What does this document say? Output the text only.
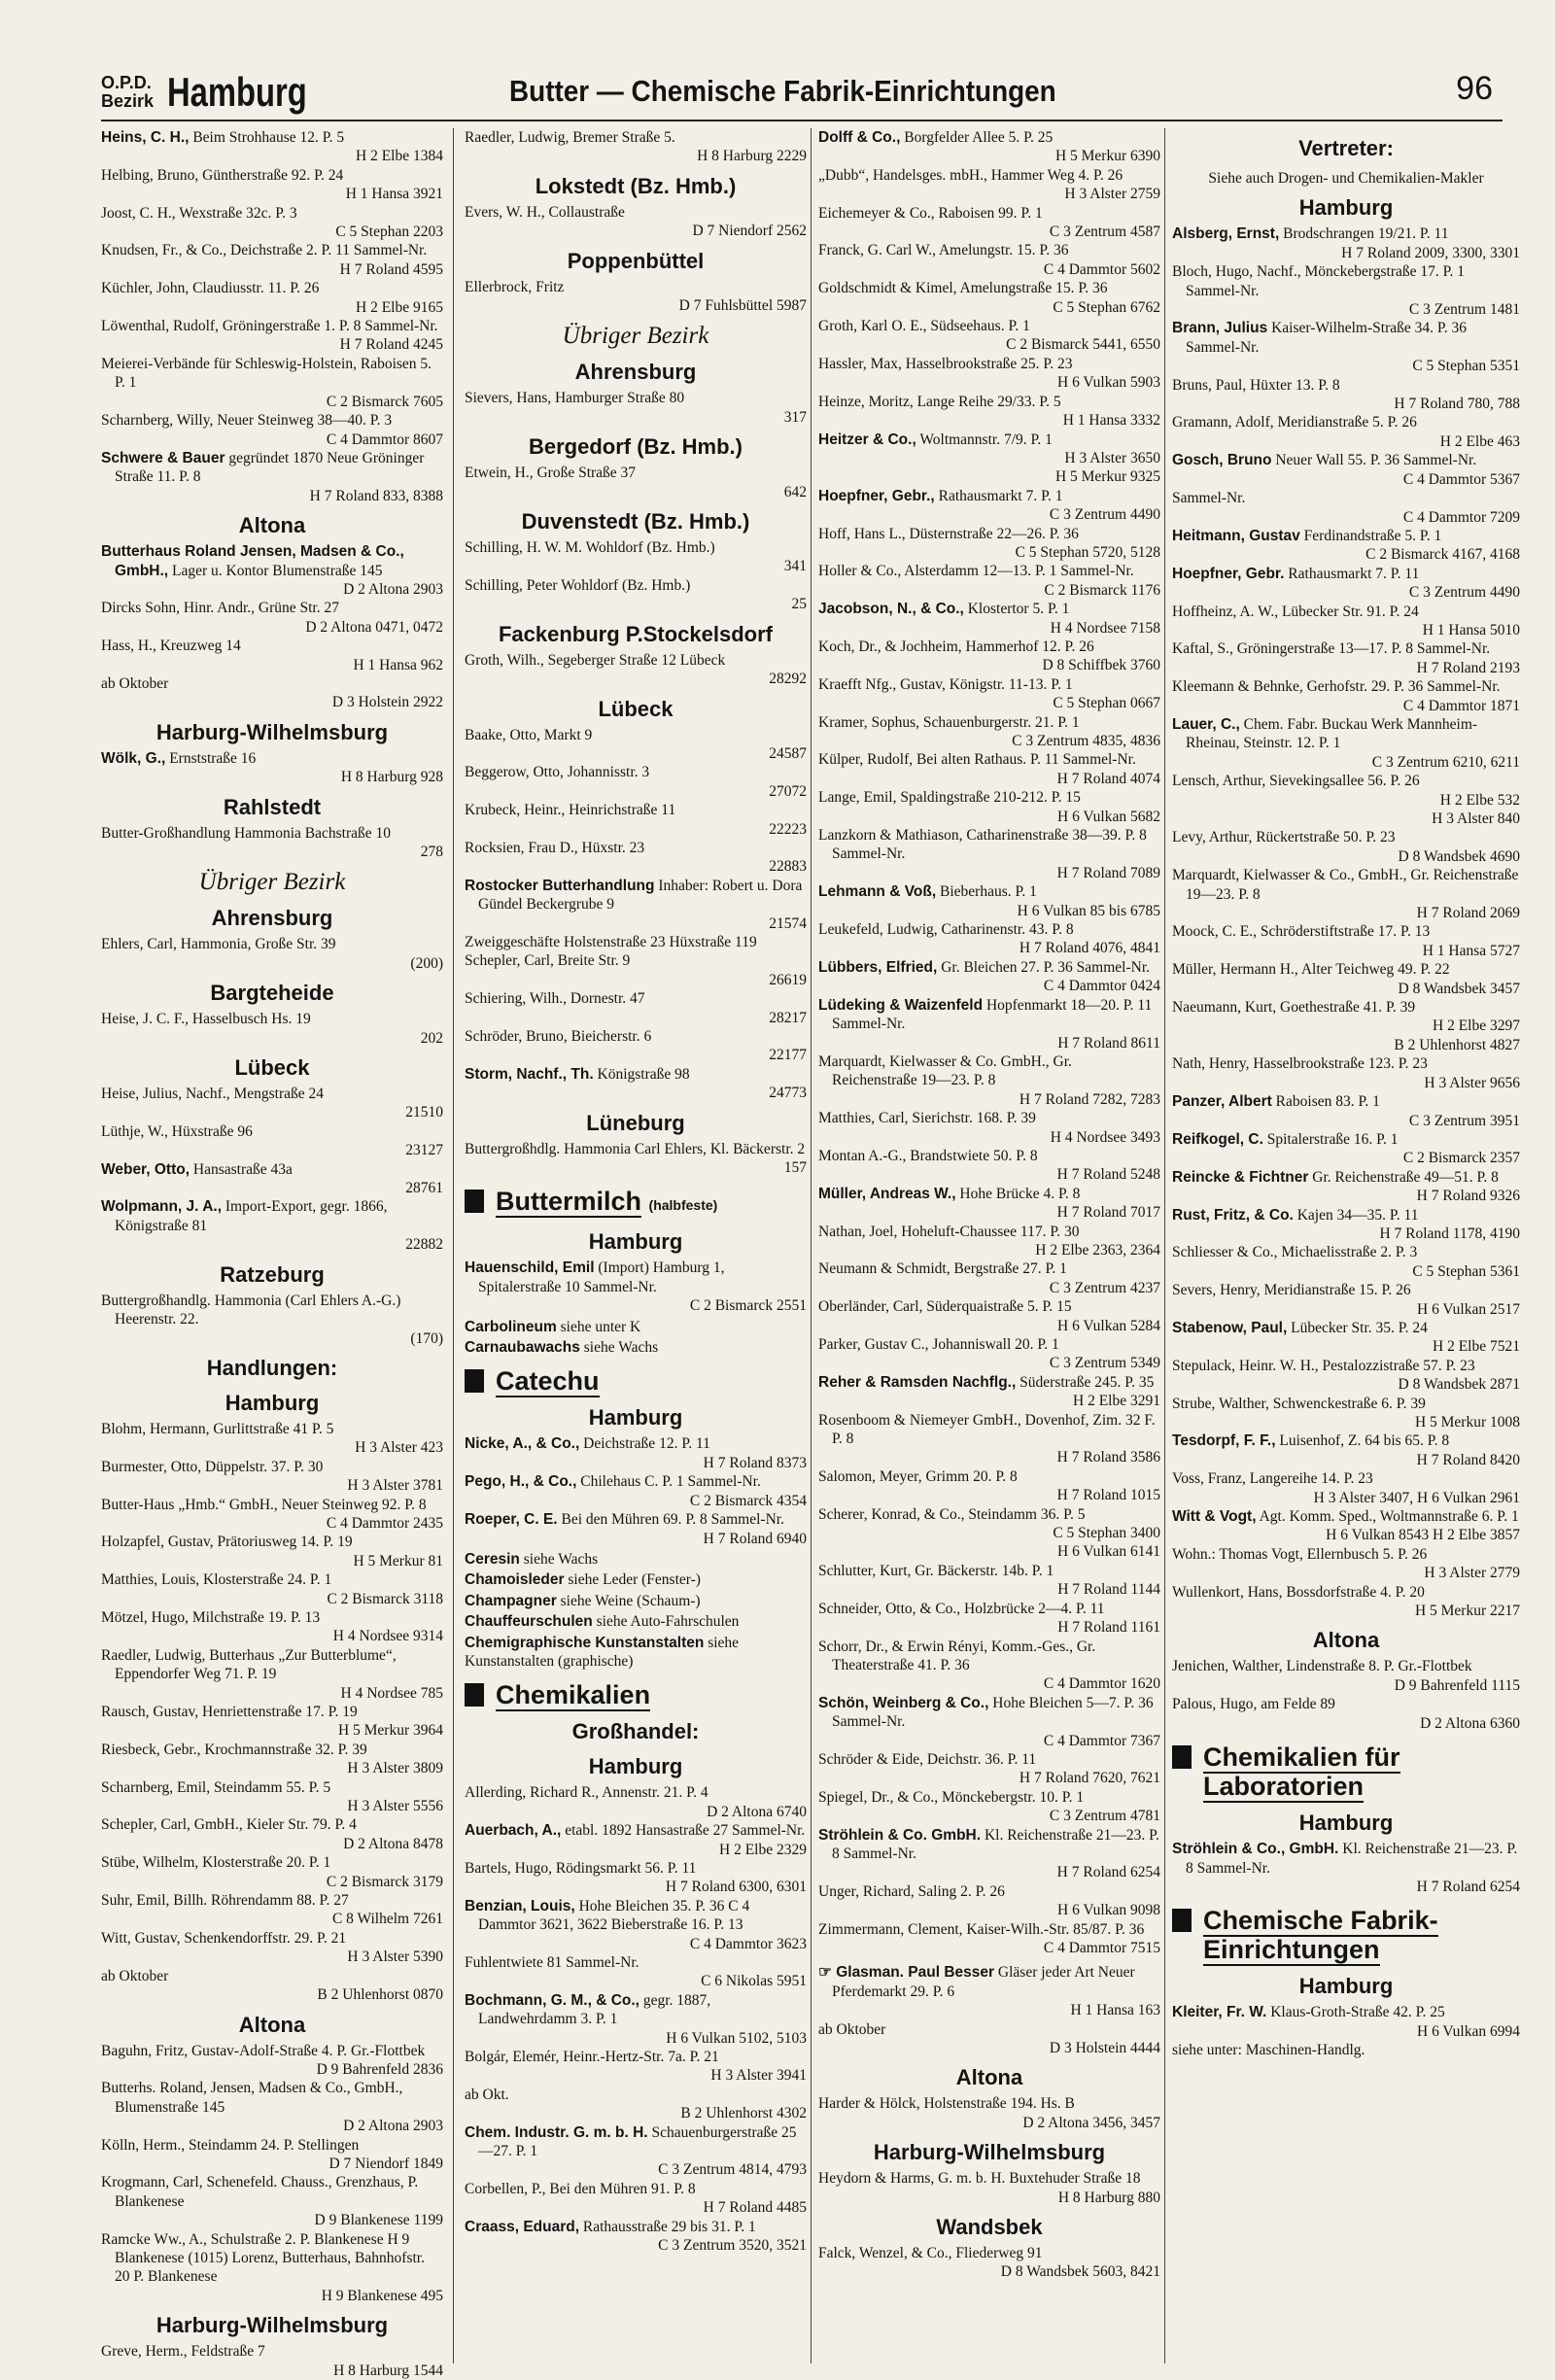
O.P.D.
Bezirk Hamburg	Butter — Chemische Fabrik-Einrichtungen	96
Heins, C. H., Beim Strohhause 12. P. 5
H 2 Elbe 1384
Helbing, Bruno, Güntherstraße 92. P. 24
H 1 Hansa 3921
Joost, C. H., Wexstraße 32c. P. 3
C 5 Stephan 2203
Knudsen, Fr., & Co., Deichstraße 2. P. 11 Sammel-Nr.
H 7 Roland 4595
Küchler, John, Claudiusstr. 11. P. 26
H 2 Elbe 9165
Löwenthal, Rudolf, Gröningerstraße 1. P. 8 Sammel-Nr.
H 7 Roland 4245
Meierei-Verbände für Schleswig-Holstein, Raboisen 5. P. 1
C 2 Bismarck 7605
Scharnberg, Willy, Neuer Steinweg 38—40. P. 3
C 4 Dammtor 8607
Schwere & Bauer gegründet 1870 Neue Gröninger Straße 11. P. 8
H 7 Roland 833, 8388
Altona
Butterhaus Roland Jensen, Madsen & Co., GmbH., Lager u. Kontor Blumenstraße 145
D 2 Altona 2903
Dircks Sohn, Hinr. Andr., Grüne Str. 27
D 2 Altona 0471, 0472
Hass, H., Kreuzweg 14
H 1 Hansa 962
ab Oktober
D 3 Holstein 2922
Harburg-Wilhelmsburg
Wölk, G., Ernststraße 16
H 8 Harburg 928
Rahlstedt
Butter-Großhandlung Hammonia Bachstraße 10
278
Übriger Bezirk
Ahrensburg
Ehlers, Carl, Hammonia, Große Str. 39
(200)
Bargteheide
Heise, J. C. F., Hasselbusch Hs. 19
202
Lübeck
Heise, Julius, Nachf., Mengstraße 24
21510
Lüthje, W., Hüxstraße 96
23127
Weber, Otto, Hansastraße 43a
28761
Wolpmann, J. A., Import-Export, gegr. 1866, Königstraße 81
22882
Ratzeburg
Buttergroßhandlg. Hammonia (Carl Ehlers A.-G.) Heerenstr. 22.
(170)
Handlungen:
Hamburg
Blohm, Hermann, Gurlittstraße 41 P. 5
H 3 Alster 423
Burmester, Otto, Düppelstr. 37. P. 30
H 3 Alster 3781
Butter-Haus „Hmb.“ GmbH., Neuer Steinweg 92. P. 8
C 4 Dammtor 2435
Holzapfel, Gustav, Prätoriusweg 14. P. 19
H 5 Merkur 81
Matthies, Louis, Klosterstraße 24. P. 1
C 2 Bismarck 3118
Mötzel, Hugo, Milchstraße 19. P. 13
H 4 Nordsee 9314
Raedler, Ludwig, Butterhaus „Zur Butterblume“, Eppendorfer Weg 71. P. 19
H 4 Nordsee 785
Rausch, Gustav, Henriettenstraße 17. P. 19
H 5 Merkur 3964
Riesbeck, Gebr., Krochmannstraße 32. P. 39
H 3 Alster 3809
Scharnberg, Emil, Steindamm 55. P. 5
H 3 Alster 5556
Schepler, Carl, GmbH., Kieler Str. 79. P. 4
D 2 Altona 8478
Stübe, Wilhelm, Klosterstraße 20. P. 1
C 2 Bismarck 3179
Suhr, Emil, Billh. Röhrendamm 88. P. 27
C 8 Wilhelm 7261
Witt, Gustav, Schenkendorffstr. 29. P. 21
H 3 Alster 5390
ab Oktober
B 2 Uhlenhorst 0870
Altona
Baguhn, Fritz, Gustav-Adolf-Straße 4. P. Gr.-Flottbek
D 9 Bahrenfeld 2836
Butterhs. Roland, Jensen, Madsen & Co., GmbH., Blumenstraße 145
D 2 Altona 2903
Kölln, Herm., Steindamm 24. P. Stellingen
D 7 Niendorf 1849
Krogmann, Carl, Schenefeld. Chauss., Grenzhaus, P. Blankenese
D 9 Blankenese 1199
Ramcke Ww., A., Schulstraße 2. P. Blankenese H 9 Blankenese (1015) Lorenz, Butterhaus, Bahnhofstr. 20 P. Blankenese
H 9 Blankenese 495
Harburg-Wilhelmsburg
Greve, Herm., Feldstraße 7
H 8 Harburg 1544
Raedler, Ludwig, Bremer Straße 5.
H 8 Harburg 2229
Lokstedt (Bz. Hmb.)
Evers, W. H., Collaustraße
D 7 Niendorf 2562
Poppenbüttel
Ellerbrock, Fritz
D 7 Fuhlsbüttel 5987
Übriger Bezirk
Ahrensburg
Sievers, Hans, Hamburger Straße 80
317
Bergedorf (Bz. Hmb.)
Etwein, H., Große Straße 37
642
Duvenstedt (Bz. Hmb.)
Schilling, H. W. M. Wohldorf (Bz. Hmb.)
341
Schilling, Peter Wohldorf (Bz. Hmb.)
25
Fackenburg P.Stockelsdorf
Groth, Wilh., Segeberger Straße 12 Lübeck
28292
Lübeck
Baake, Otto, Markt 9
24587
Beggerow, Otto, Johannisstr. 3
27072
Krubeck, Heinr., Heinrichstraße 11
22223
Rocksien, Frau D., Hüxstr. 23
22883
Rostocker Butterhandlung Inhaber: Robert u. Dora Gündel Beckergrube 9
21574
Zweiggeschäfte Holstenstraße 23 Hüxstraße 119
Schepler, Carl, Breite Str. 9
26619
Schiering, Wilh., Dornestr. 47
28217
Schröder, Bruno, Bieicherstr. 6
22177
Storm, Nachf., Th. Königstraße 98
24773
Lüneburg
Buttergroßhdlg. Hammonia Carl Ehlers, Kl. Bäckerstr. 2
157
Buttermilch (halbfeste)
Hamburg
Hauenschild, Emil (Import) Hamburg 1, Spitalerstraße 10 Sammel-Nr.
C 2 Bismarck 2551
Carbolineum siehe unter K
Carnaubawachs siehe Wachs
Catechu
Hamburg
Nicke, A., & Co., Deichstraße 12. P. 11
H 7 Roland 8373
Pego, H., & Co., Chilehaus C. P. 1 Sammel-Nr.
C 2 Bismarck 4354
Roeper, C. E. Bei den Mühren 69. P. 8 Sammel-Nr.
H 7 Roland 6940
Ceresin siehe Wachs
Chamoisleder siehe Leder (Fenster-)
Champagner siehe Weine (Schaum-)
Chauffeurschulen siehe Auto-Fahrschulen
Chemigraphische Kunstanstalten siehe Kunstanstalten (graphische)
Chemikalien
Großhandel:
Hamburg
Allerding, Richard R., Annenstr. 21. P. 4
D 2 Altona 6740
Auerbach, A., etabl. 1892 Hansastraße 27 Sammel-Nr.
H 2 Elbe 2329
Bartels, Hugo, Rödingsmarkt 56. P. 11
H 7 Roland 6300, 6301
Benzian, Louis, Hohe Bleichen 35. P. 36 C 4 Dammtor 3621, 3622 Bieberstraße 16. P. 13
C 4 Dammtor 3623
Fuhlentwiete 81 Sammel-Nr.
C 6 Nikolas 5951
Bochmann, G. M., & Co., gegr. 1887, Landwehrdamm 3. P. 1
H 6 Vulkan 5102, 5103
Bolgár, Elemér, Heinr.-Hertz-Str. 7a. P. 21
H 3 Alster 3941
ab Okt.
B 2 Uhlenhorst 4302
Chem. Industr. G. m. b. H. Schauenburgerstraße 25—27. P. 1
C 3 Zentrum 4814, 4793
Corbellen, P., Bei den Mühren 91. P. 8
H 7 Roland 4485
Craass, Eduard, Rathausstraße 29 bis 31. P. 1
C 3 Zentrum 3520, 3521
Dolff & Co., Borgfelder Allee 5. P. 25
H 5 Merkur 6390
„Dubb“, Handelsges. mbH., Hammer Weg 4. P. 26
H 3 Alster 2759
Eichemeyer & Co., Raboisen 99. P. 1
C 3 Zentrum 4587
Franck, G. Carl W., Amelungstr. 15. P. 36
C 4 Dammtor 5602
Goldschmidt & Kimel, Amelungstraße 15. P. 36
C 5 Stephan 6762
Groth, Karl O. E., Südseehaus. P. 1
C 2 Bismarck 5441, 6550
Hassler, Max, Hasselbrookstraße 25. P. 23
H 6 Vulkan 5903
Heinze, Moritz, Lange Reihe 29/33. P. 5
H 1 Hansa 3332
Heitzer & Co., Woltmannstr. 7/9. P. 1
H 3 Alster 3650
H 5 Merkur 9325
Hoepfner, Gebr., Rathausmarkt 7. P. 1
C 3 Zentrum 4490
Hoff, Hans L., Düsternstraße 22—26. P. 36
C 5 Stephan 5720, 5128
Holler & Co., Alsterdamm 12—13. P. 1 Sammel-Nr.
C 2 Bismarck 1176
Jacobson, N., & Co., Klostertor 5. P. 1
H 4 Nordsee 7158
Koch, Dr., & Jochheim, Hammerhof 12. P. 26
D 8 Schiffbek 3760
Kraefft Nfg., Gustav, Königstr. 11-13. P. 1
C 5 Stephan 0667
Kramer, Sophus, Schauenburgerstr. 21. P. 1
C 3 Zentrum 4835, 4836
Külper, Rudolf, Bei alten Rathaus. P. 11 Sammel-Nr.
H 7 Roland 4074
Lange, Emil, Spaldingstraße 210-212. P. 15
H 6 Vulkan 5682
Lanzkorn & Mathiason, Catharinenstraße 38—39. P. 8 Sammel-Nr.
H 7 Roland 7089
Lehmann & Voß, Bieberhaus. P. 1
H 6 Vulkan 85 bis 6785
Leukefeld, Ludwig, Catharinenstr. 43. P. 8
H 7 Roland 4076, 4841
Lübbers, Elfried, Gr. Bleichen 27. P. 36 Sammel-Nr.
C 4 Dammtor 0424
Lüdeking & Waizenfeld Hopfenmarkt 18—20. P. 11 Sammel-Nr.
H 7 Roland 8611
Marquardt, Kielwasser & Co. GmbH., Gr. Reichenstraße 19—23. P. 8
H 7 Roland 7282, 7283
Matthies, Carl, Sierichstr. 168. P. 39
H 4 Nordsee 3493
Montan A.-G., Brandstwiete 50. P. 8
H 7 Roland 5248
Müller, Andreas W., Hohe Brücke 4. P. 8
H 7 Roland 7017
Nathan, Joel, Hoheluft-Chaussee 117. P. 30
H 2 Elbe 2363, 2364
Neumann & Schmidt, Bergstraße 27. P. 1
C 3 Zentrum 4237
Oberländer, Carl, Süderquaistraße 5. P. 15
H 6 Vulkan 5284
Parker, Gustav C., Johanniswall 20. P. 1
C 3 Zentrum 5349
Reher & Ramsden Nachflg., Süderstraße 245. P. 35
H 2 Elbe 3291
Rosenboom & Niemeyer GmbH., Dovenhof, Zim. 32 F. P. 8
H 7 Roland 3586
Salomon, Meyer, Grimm 20. P. 8
H 7 Roland 1015
Scherer, Konrad, & Co., Steindamm 36. P. 5
C 5 Stephan 3400
H 6 Vulkan 6141
Schlutter, Kurt, Gr. Bäckerstr. 14b. P. 1
H 7 Roland 1144
Schneider, Otto, & Co., Holzbrücke 2—4. P. 11
H 7 Roland 1161
Schorr, Dr., & Erwin Rényi, Komm.-Ges., Gr. Theaterstraße 41. P. 36
C 4 Dammtor 1620
Schön, Weinberg & Co., Hohe Bleichen 5—7. P. 36 Sammel-Nr.
C 4 Dammtor 7367
Schröder & Eide, Deichstr. 36. P. 11
H 7 Roland 7620, 7621
Spiegel, Dr., & Co., Mönckebergstr. 10. P. 1
C 3 Zentrum 4781
Ströhlein & Co. GmbH. Kl. Reichenstraße 21—23. P. 8 Sammel-Nr.
H 7 Roland 6254
Unger, Richard, Saling 2. P. 26
H 6 Vulkan 9098
Zimmermann, Clement, Kaiser-Wilh.-Str. 85/87. P. 36
C 4 Dammtor 7515
☞ Glasman. Paul Besser Gläser jeder Art Neuer Pferdemarkt 29. P. 6
H 1 Hansa 163
ab Oktober
D 3 Holstein 4444
Altona
Harder & Hölck, Holstenstraße 194. Hs. B
D 2 Altona 3456, 3457
Harburg-Wilhelmsburg
Heydorn & Harms, G. m. b. H. Buxtehuder Straße 18
H 8 Harburg 880
Wandsbek
Falck, Wenzel, & Co., Fliederweg 91
D 8 Wandsbek 5603, 8421
Vertreter:
Siehe auch Drogen- und Chemikalien-Makler
Hamburg
Alsberg, Ernst, Brodschrangen 19/21. P. 11
H 7 Roland 2009, 3300, 3301
Bloch, Hugo, Nachf., Mönckebergstraße 17. P. 1 Sammel-Nr.
C 3 Zentrum 1481
Brann, Julius Kaiser-Wilhelm-Straße 34. P. 36 Sammel-Nr.
C 5 Stephan 5351
Bruns, Paul, Hüxter 13. P. 8
H 7 Roland 780, 788
Gramann, Adolf, Meridianstraße 5. P. 26
H 2 Elbe 463
Gosch, Bruno Neuer Wall 55. P. 36 Sammel-Nr.
C 4 Dammtor 5367
Sammel-Nr.
C 4 Dammtor 7209
Heitmann, Gustav Ferdinandstraße 5. P. 1
C 2 Bismarck 4167, 4168
Hoepfner, Gebr. Rathausmarkt 7. P. 11
C 3 Zentrum 4490
Hoffheinz, A. W., Lübecker Str. 91. P. 24
H 1 Hansa 5010
Kaftal, S., Gröningerstraße 13—17. P. 8 Sammel-Nr.
H 7 Roland 2193
Kleemann & Behnke, Gerhofstr. 29. P. 36 Sammel-Nr.
C 4 Dammtor 1871
Lauer, C., Chem. Fabr. Buckau Werk Mannheim-Rheinau, Steinstr. 12. P. 1
C 3 Zentrum 6210, 6211
Lensch, Arthur, Sievekingsallee 56. P. 26
H 2 Elbe 532
H 3 Alster 840
Levy, Arthur, Rückertstraße 50. P. 23
D 8 Wandsbek 4690
Marquardt, Kielwasser & Co., GmbH., Gr. Reichenstraße 19—23. P. 8
H 7 Roland 2069
Moock, C. E., Schröderstiftstraße 17. P. 13
H 1 Hansa 5727
Müller, Hermann H., Alter Teichweg 49. P. 22
D 8 Wandsbek 3457
Naeumann, Kurt, Goethestraße 41. P. 39
H 2 Elbe 3297
B 2 Uhlenhorst 4827
Nath, Henry, Hasselbrookstraße 123. P. 23
H 3 Alster 9656
Panzer, Albert Raboisen 83. P. 1
C 3 Zentrum 3951
Reifkogel, C. Spitalerstraße 16. P. 1
C 2 Bismarck 2357
Reincke & Fichtner Gr. Reichenstraße 49—51. P. 8
H 7 Roland 9326
Rust, Fritz, & Co. Kajen 34—35. P. 11
H 7 Roland 1178, 4190
Schliesser & Co., Michaelisstraße 2. P. 3
C 5 Stephan 5361
Severs, Henry, Meridianstraße 15. P. 26
H 6 Vulkan 2517
Stabenow, Paul, Lübecker Str. 35. P. 24
H 2 Elbe 7521
Stepulack, Heinr. W. H., Pestalozzistraße 57. P. 23
D 8 Wandsbek 2871
Strube, Walther, Schwenckestraße 6. P. 39
H 5 Merkur 1008
Tesdorpf, F. F., Luisenhof, Z. 64 bis 65. P. 8
H 7 Roland 8420
Voss, Franz, Langereihe 14. P. 23
H 3 Alster 3407, H 6 Vulkan 2961
Witt & Vogt, Agt. Komm. Sped., Woltmannstraße 6. P. 1
H 6 Vulkan 8543 H 2 Elbe 3857
Wohn.: Thomas Vogt, Ellernbusch 5. P. 26
H 3 Alster 2779
Wullenkort, Hans, Bossdorfstraße 4. P. 20
H 5 Merkur 2217
Altona
Jenichen, Walther, Lindenstraße 8. P. Gr.-Flottbek
D 9 Bahrenfeld 1115
Palous, Hugo, am Felde 89
D 2 Altona 6360
Chemikalien für Laboratorien
Hamburg
Ströhlein & Co., GmbH. Kl. Reichenstraße 21—23. P. 8 Sammel-Nr.
H 7 Roland 6254
Chemische Fabrik-Einrichtungen
Hamburg
Kleiter, Fr. W. Klaus-Groth-Straße 42. P. 25
H 6 Vulkan 6994
siehe unter: Maschinen-Handlg.
